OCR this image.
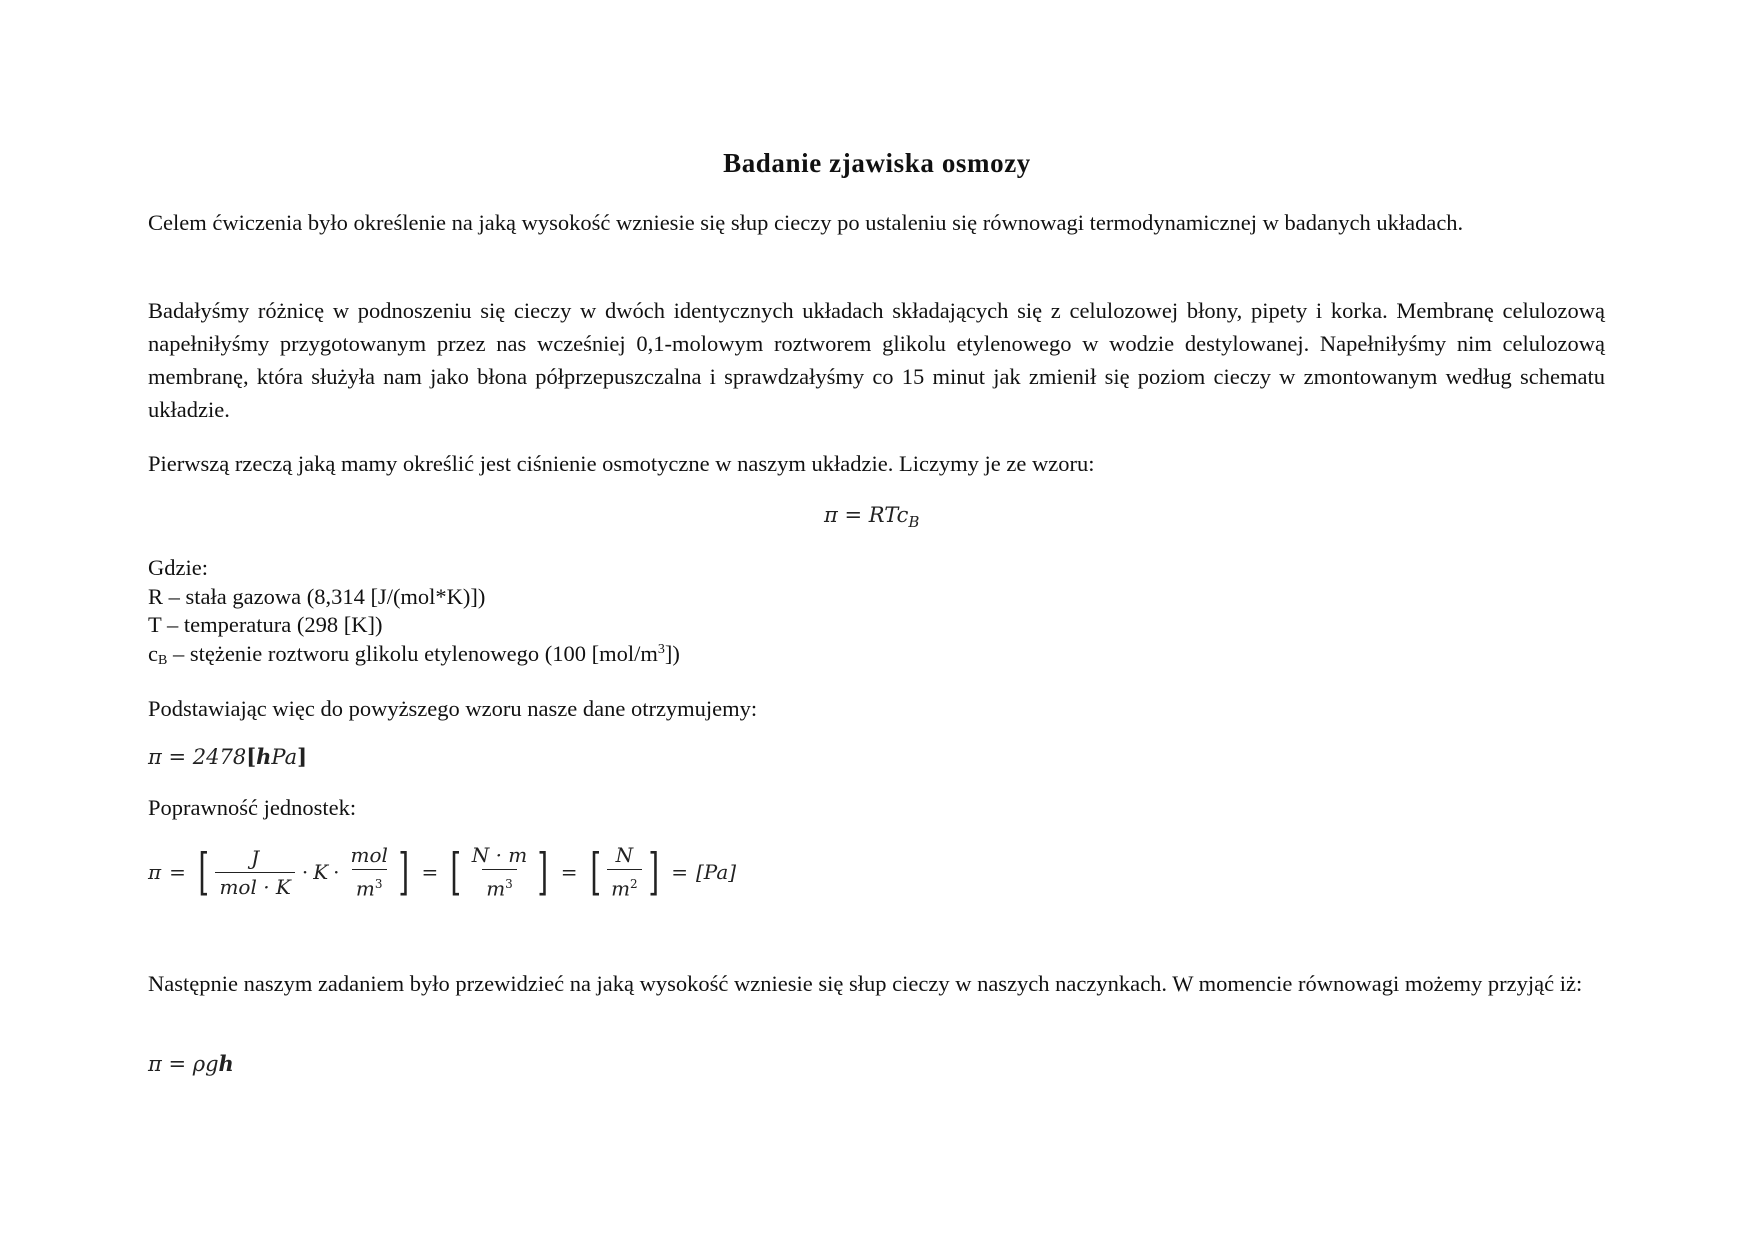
Badanie zjawiska osmozy

Celem ćwiczenia było określenie na jaką wysokość wzniesie się słup cieczy po ustaleniu się równowagi termodynamicznej w badanych układach.

Badałyśmy różnicę w podnoszeniu się cieczy w dwóch identycznych układach składających się z celulozowej błony, pipety i korka. Membranę celulozową napełniłyśmy przygotowanym przez nas wcześniej 0,1-molowym roztworem glikolu etylenowego w wodzie destylowanej. Napełniłyśmy nim celulozową membranę, która służyła nam jako błona półprzepuszczalna i sprawdzałyśmy co 15 minut jak zmienił się poziom cieczy w zmontowanym według schematu układzie.

Pierwszą rzeczą jaką mamy określić jest ciśnienie osmotyczne w naszym układzie. Liczymy je ze wzoru:

π = RTc$_B$
Gdzie:
R – stała gazowa (8,314 [J/(mol*K)])
T – temperatura (298 [K])
$c_B$ – stężenie roztworu glikolu etylenowego (100 $[mol/m^3]$)

Podstawiając więc do powyższego wzoru nasze dane otrzymujemy:

π = 2478[hPa]

Poprawność jednostek:

π = [ $\frac{J}{\text{mol · K}} \cdot K \cdot \frac{\text{mol}}{m^3}$ ] = [ $\frac{N \cdot m}{m^3}$ ] = [ $\frac{N}{m^2}$ ] = [Pa]

Następnie naszym zadaniem było przewidzieć na jaką wysokość wzniesie się słup cieczy w naszych naczynkach. W momencie równowagi możemy przyjąć iż:

π = ρgh
